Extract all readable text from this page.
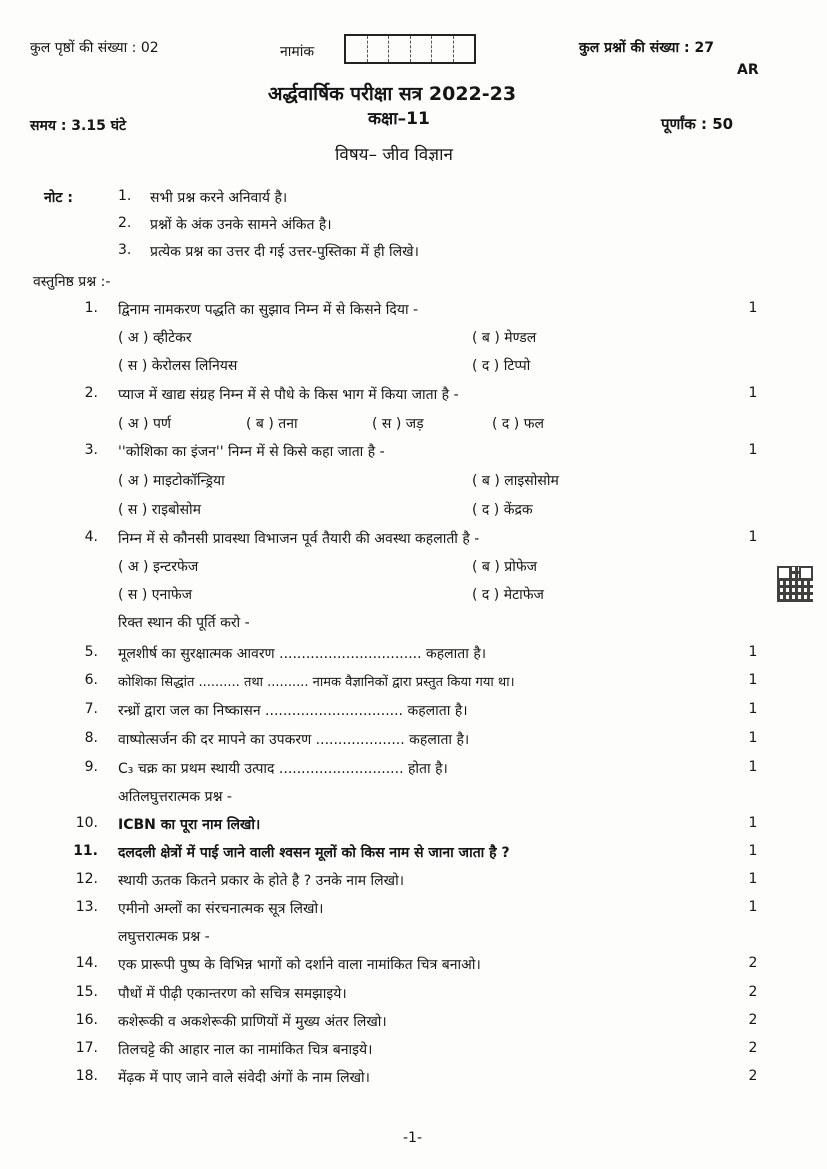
कुल पृष्ठों की संख्या : 02	नामांक	कुल प्रश्नों की संख्या : 27
AR
अर्द्धवार्षिक परीक्षा सत्र 2022-23
कक्षा–11
समय : 3.15 घंटे	पूर्णांक : 50
विषय– जीव विज्ञान
नोट :	1. सभी प्रश्न करने अनिवार्य है।
2. प्रश्नों के अंक उनके सामने अंकित है।
3. प्रत्येक प्रश्न का उत्तर दी गई उत्तर-पुस्तिका में ही लिखे।
वस्तुनिष्ठ प्रश्न :-
1. द्विनाम नामकरण पद्धति का सुझाव निम्न में से किसने दिया -	1
( अ ) व्हीटेकर	( ब ) मेण्डल
( स ) केरोलस लिनियस	( द ) टिप्पो
2. प्याज में खाद्य संग्रह निम्न में से पौधे के किस भाग में किया जाता है -	1
( अ ) पर्ण	( ब ) तना	( स ) जड़	( द ) फल
3. ''कोशिका का इंजन'' निम्न में से किसे कहा जाता है -	1
( अ ) माइटोकॉन्ड्रिया	( ब ) लाइसोसोम
( स ) राइबोसोम	( द ) केंद्रक
4. निम्न में से कौनसी प्रावस्था विभाजन पूर्व तैयारी की अवस्था कहलाती है -	1
( अ ) इन्टरफेज	( ब ) प्रोफेज
( स ) एनाफेज	( द ) मेटाफेज
रिक्त स्थान की पूर्ति करो -
5. मूलशीर्ष का सुरक्षात्मक आवरण ................................ कहलाता है।	1
6. कोशिका सिद्धांत .......... तथा .......... नामक वैज्ञानिकों द्वारा प्रस्तुत किया गया था।	1
7. रन्ध्रों द्वारा जल का निष्कासन ............................... कहलाता है।	1
8. वाष्पोत्सर्जन की दर मापने का उपकरण .................... कहलाता है।	1
9. C₃ चक्र का प्रथम स्थायी उत्पाद ............................ होता है।	1
अतिलघुत्तरात्मक प्रश्न -
10. ICBN का पूरा नाम लिखो।	1
11. दलदली क्षेत्रों में पाई जाने वाली श्वसन मूलों को किस नाम से जाना जाता है ?	1
12. स्थायी ऊतक कितने प्रकार के होते है ? उनके नाम लिखो।	1
13. एमीनो अम्लों का संरचनात्मक सूत्र लिखो।	1
लघुत्तरात्मक प्रश्न -
14. एक प्रारूपी पुष्प के विभिन्न भागों को दर्शाने वाला नामांकित चित्र बनाओ।	2
15. पौधों में पीढ़ी एकान्तरण को सचित्र समझाइये।	2
16. कशेरूकी व अकशेरूकी प्राणियों में मुख्य अंतर लिखो।	2
17. तिलचट्टे की आहार नाल का नामांकित चित्र बनाइये।	2
18. मेंढ़क में पाए जाने वाले संवेदी अंगों के नाम लिखो।	2
-1-
